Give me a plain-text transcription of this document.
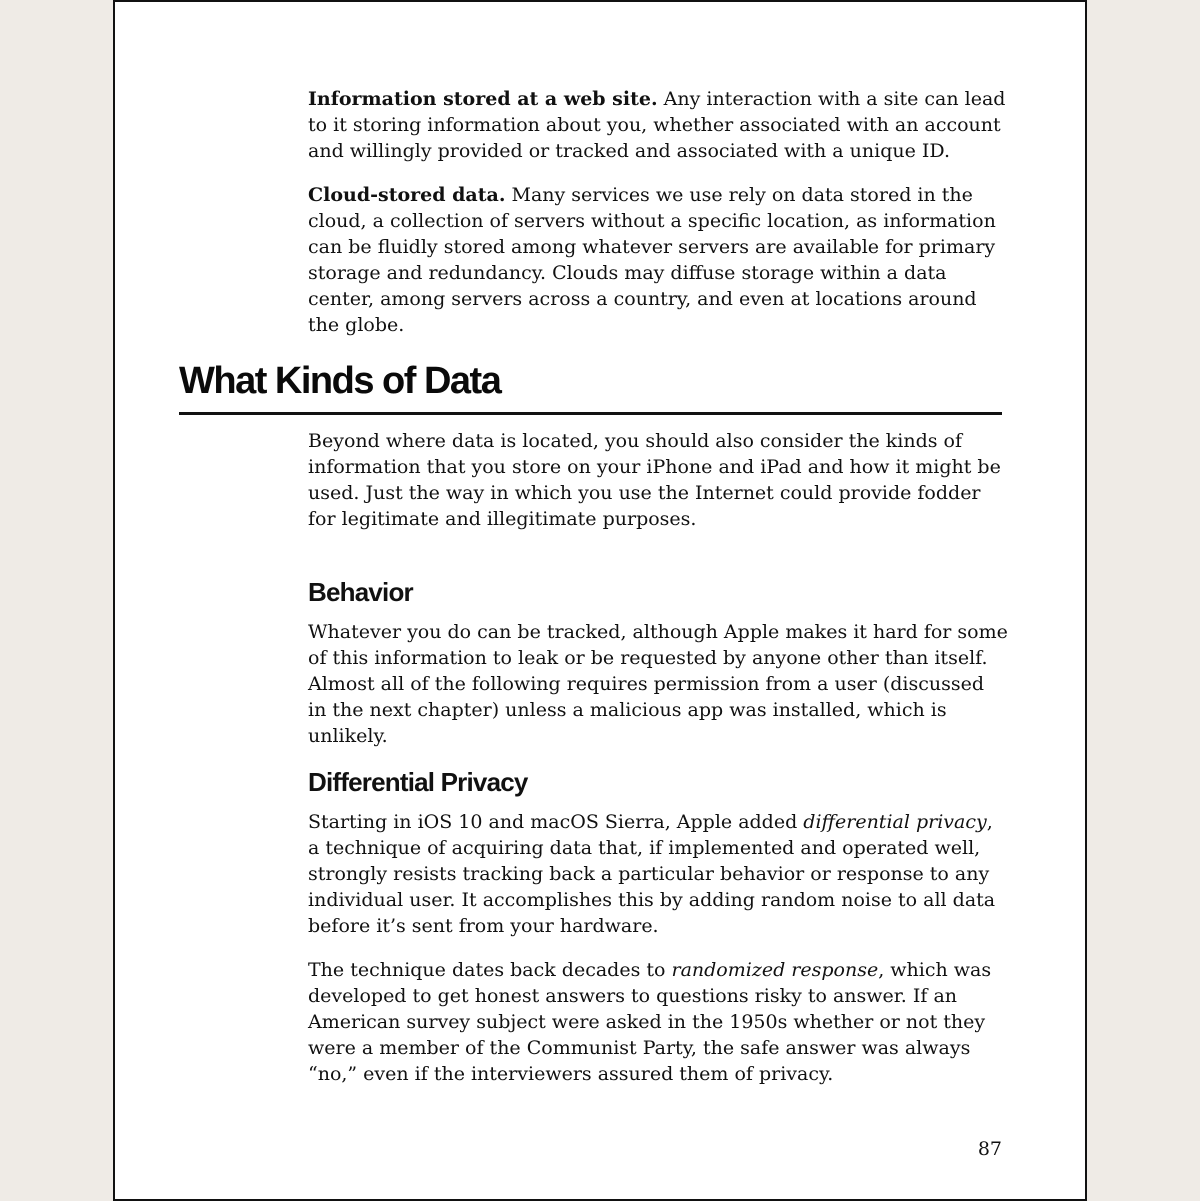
Information stored at a web site. Any interaction with a site can lead to it storing information about you, whether associated with an account and willingly provided or tracked and associated with a unique ID.

Cloud-stored data. Many services we use rely on data stored in the cloud, a collection of servers without a specific location, as information can be fluidly stored among whatever servers are available for primary storage and redundancy. Clouds may diffuse storage within a data center, among servers across a country, and even at locations around the globe.

What Kinds of Data

Beyond where data is located, you should also consider the kinds of information that you store on your iPhone and iPad and how it might be used. Just the way in which you use the Internet could provide fodder for legitimate and illegitimate purposes.

Behavior

Whatever you do can be tracked, although Apple makes it hard for some of this information to leak or be requested by anyone other than itself. Almost all of the following requires permission from a user (discussed in the next chapter) unless a malicious app was installed, which is unlikely.

Differential Privacy

Starting in iOS 10 and macOS Sierra, Apple added differential privacy, a technique of acquiring data that, if implemented and operated well, strongly resists tracking back a particular behavior or response to any individual user. It accomplishes this by adding random noise to all data before it’s sent from your hardware.

The technique dates back decades to randomized response, which was developed to get honest answers to questions risky to answer. If an American survey subject were asked in the 1950s whether or not they were a member of the Communist Party, the safe answer was always “no,” even if the interviewers assured them of privacy.

87
